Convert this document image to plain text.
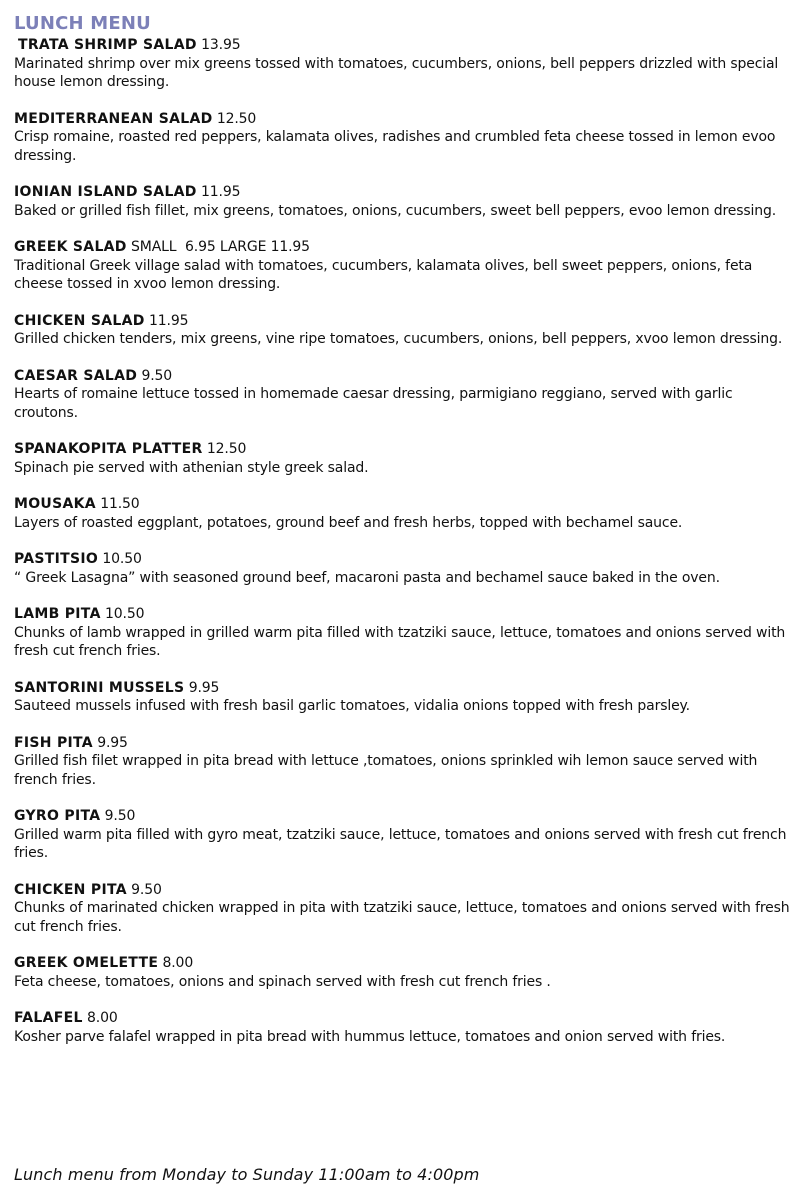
LUNCH MENU
TRATA SHRIMP SALAD 13.95
Marinated shrimp over mix greens tossed with tomatoes, cucumbers, onions, bell peppers drizzled with special house lemon dressing.
MEDITERRANEAN SALAD 12.50
Crisp romaine, roasted red peppers, kalamata olives, radishes and crumbled feta cheese tossed in lemon evoo dressing.
IONIAN ISLAND SALAD 11.95
Baked or grilled fish fillet, mix greens, tomatoes, onions, cucumbers, sweet bell peppers, evoo lemon dressing.
GREEK SALAD SMALL  6.95 LARGE 11.95
Traditional Greek village salad with tomatoes, cucumbers, kalamata olives, bell sweet peppers, onions, feta cheese tossed in xvoo lemon dressing.
CHICKEN SALAD 11.95
Grilled chicken tenders, mix greens, vine ripe tomatoes, cucumbers, onions, bell peppers, xvoo lemon dressing.
CAESAR SALAD 9.50
Hearts of romaine lettuce tossed in homemade caesar dressing, parmigiano reggiano, served with garlic croutons.
SPANAKOPITA PLATTER 12.50
Spinach pie served with athenian style greek salad.
MOUSAKA 11.50
Layers of roasted eggplant, potatoes, ground beef and fresh herbs, topped with bechamel sauce.
PASTITSIO 10.50
“ Greek Lasagna” with seasoned ground beef, macaroni pasta and bechamel sauce baked in the oven.
LAMB PITA 10.50
Chunks of lamb wrapped in grilled warm pita filled with tzatziki sauce, lettuce, tomatoes and onions served with fresh cut french fries.
SANTORINI MUSSELS 9.95
Sauteed mussels infused with fresh basil garlic tomatoes, vidalia onions topped with fresh parsley.
FISH PITA 9.95
Grilled fish filet wrapped in pita bread with lettuce ,tomatoes, onions sprinkled wih lemon sauce served with french fries.
GYRO PITA 9.50
Grilled warm pita filled with gyro meat, tzatziki sauce, lettuce, tomatoes and onions served with fresh cut french fries.
CHICKEN PITA 9.50
Chunks of marinated chicken wrapped in pita with tzatziki sauce, lettuce, tomatoes and onions served with fresh cut french fries.
GREEK OMELETTE 8.00
Feta cheese, tomatoes, onions and spinach served with fresh cut french fries .
FALAFEL 8.00
Kosher parve falafel wrapped in pita bread with hummus lettuce, tomatoes and onion served with fries.
Lunch menu from Monday to Sunday 11:00am to 4:00pm
